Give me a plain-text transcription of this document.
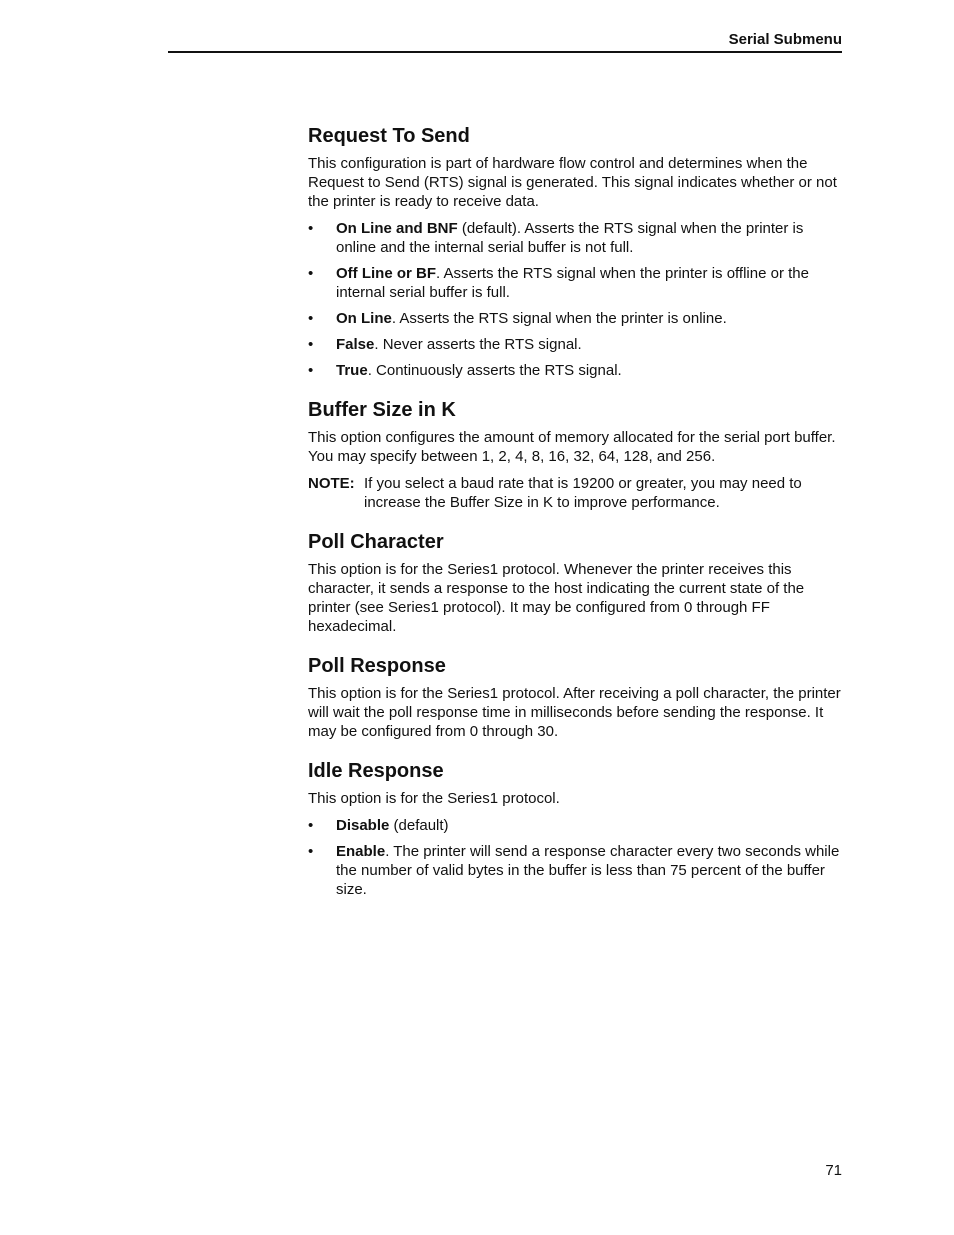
Serial Submenu
Request To Send

This configuration is part of hardware flow control and determines when the Request to Send (RTS) signal is generated. This signal indicates whether or not the printer is ready to receive data.

• On Line and BNF (default). Asserts the RTS signal when the printer is online and the internal serial buffer is not full.
• Off Line or BF. Asserts the RTS signal when the printer is offline or the internal serial buffer is full.
• On Line. Asserts the RTS signal when the printer is online.
• False. Never asserts the RTS signal.
• True. Continuously asserts the RTS signal.
Buffer Size in K

This option configures the amount of memory allocated for the serial port buffer. You may specify between 1, 2, 4, 8, 16, 32, 64, 128, and 256.

NOTE: If you select a baud rate that is 19200 or greater, you may need to increase the Buffer Size in K to improve performance.
Poll Character

This option is for the Series1 protocol. Whenever the printer receives this character, it sends a response to the host indicating the current state of the printer (see Series1 protocol). It may be configured from 0 through FF hexadecimal.

Poll Response

This option is for the Series1 protocol. After receiving a poll character, the printer will wait the poll response time in milliseconds before sending the response. It may be configured from 0 through 30.

Idle Response

This option is for the Series1 protocol.

• Disable (default)
• Enable. The printer will send a response character every two seconds while the number of valid bytes in the buffer is less than 75 percent of the buffer size.
71
